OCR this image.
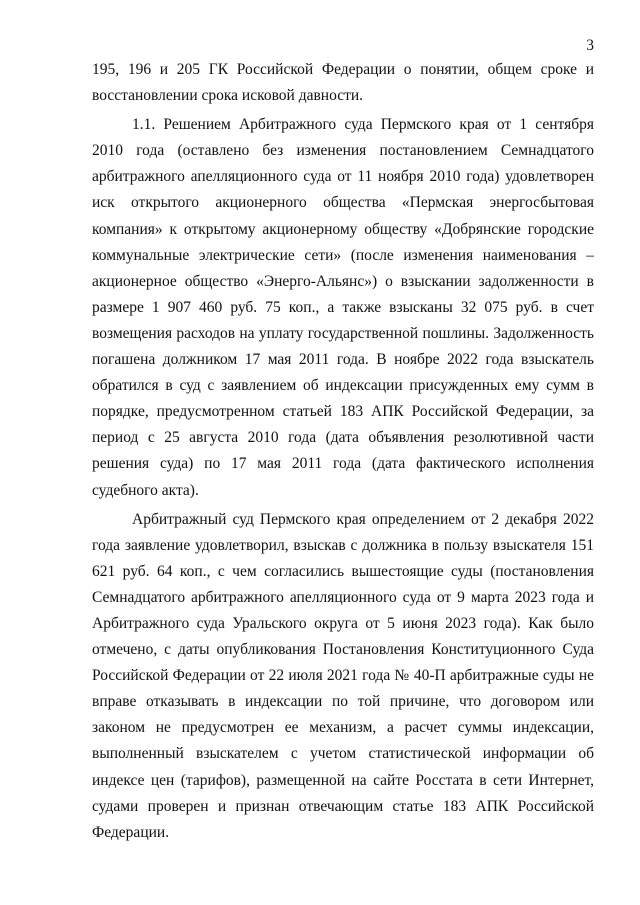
3

195, 196 и 205 ГК Российской Федерации о понятии, общем сроке и восстановлении срока исковой давности.

1.1. Решением Арбитражного суда Пермского края от 1 сентября 2010 года (оставлено без изменения постановлением Семнадцатого арбитражного апелляционного суда от 11 ноября 2010 года) удовлетворен иск открытого акционерного общества «Пермская энергосбытовая компания» к открытому акционерному обществу «Добрянские городские коммунальные электрические сети» (после изменения наименования – акционерное общество «Энерго-Альянс») о взыскании задолженности в размере 1 907 460 руб. 75 коп., а также взысканы 32 075 руб. в счет возмещения расходов на уплату государственной пошлины. Задолженность погашена должником 17 мая 2011 года. В ноябре 2022 года взыскатель обратился в суд с заявлением об индексации присужденных ему сумм в порядке, предусмотренном статьей 183 АПК Российской Федерации, за период с 25 августа 2010 года (дата объявления резолютивной части решения суда) по 17 мая 2011 года (дата фактического исполнения судебного акта).

Арбитражный суд Пермского края определением от 2 декабря 2022 года заявление удовлетворил, взыскав с должника в пользу взыскателя 151 621 руб. 64 коп., с чем согласились вышестоящие суды (постановления Семнадцатого арбитражного апелляционного суда от 9 марта 2023 года и Арбитражного суда Уральского округа от 5 июня 2023 года). Как было отмечено, с даты опубликования Постановления Конституционного Суда Российской Федерации от 22 июля 2021 года № 40-П арбитражные суды не вправе отказывать в индексации по той причине, что договором или законом не предусмотрен ее механизм, а расчет суммы индексации, выполненный взыскателем с учетом статистической информации об индексе цен (тарифов), размещенной на сайте Росстата в сети Интернет, судами проверен и признан отвечающим статье 183 АПК Российской Федерации.
